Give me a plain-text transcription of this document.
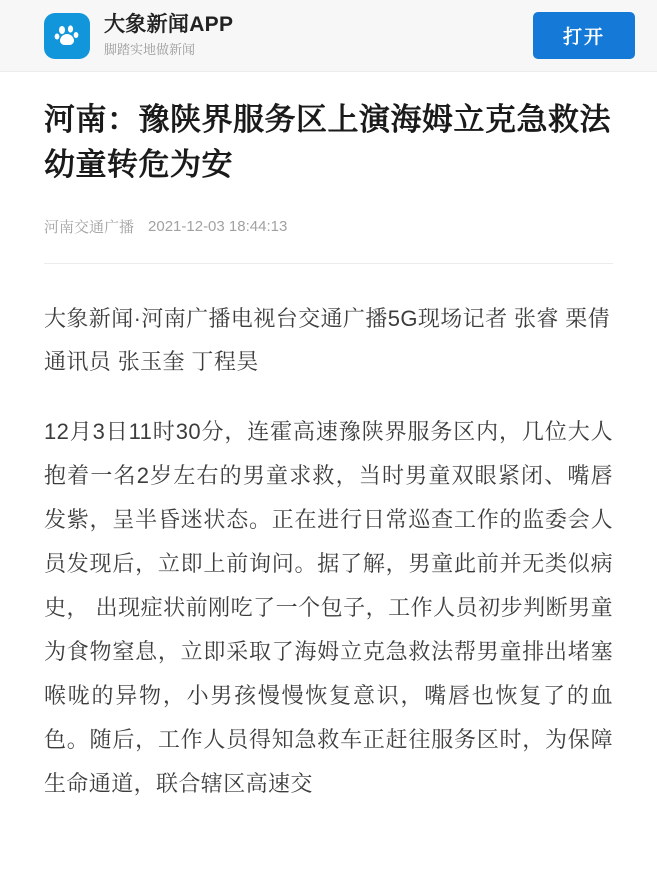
大象新闻APP
脚踏实地做新闻
打开
河南：豫陕界服务区上演海姆立克急救法 幼童转危为安
河南交通广播 2021-12-03 18:44:13

大象新闻·河南广播电视台交通广播5G现场记者 张睿 栗倩 通讯员 张玉奎 丁程昊

12月3日11时30分，连霍高速豫陕界服务区内，几位大人抱着一名2岁左右的男童求救，当时男童双眼紧闭、嘴唇发紫，呈半昏迷状态。正在进行日常巡查工作的监委会人员发现后，立即上前询问。据了解，男童此前并无类似病史， 出现症状前刚吃了一个包子，工作人员初步判断男童为食物窒息，立即采取了海姆立克急救法帮男童排出堵塞喉咙的异物，小男孩慢慢恢复意识，嘴唇也恢复了的血色。随后，工作人员得知急救车正赶往服务区时，为保障生命通道，联合辖区高速交
